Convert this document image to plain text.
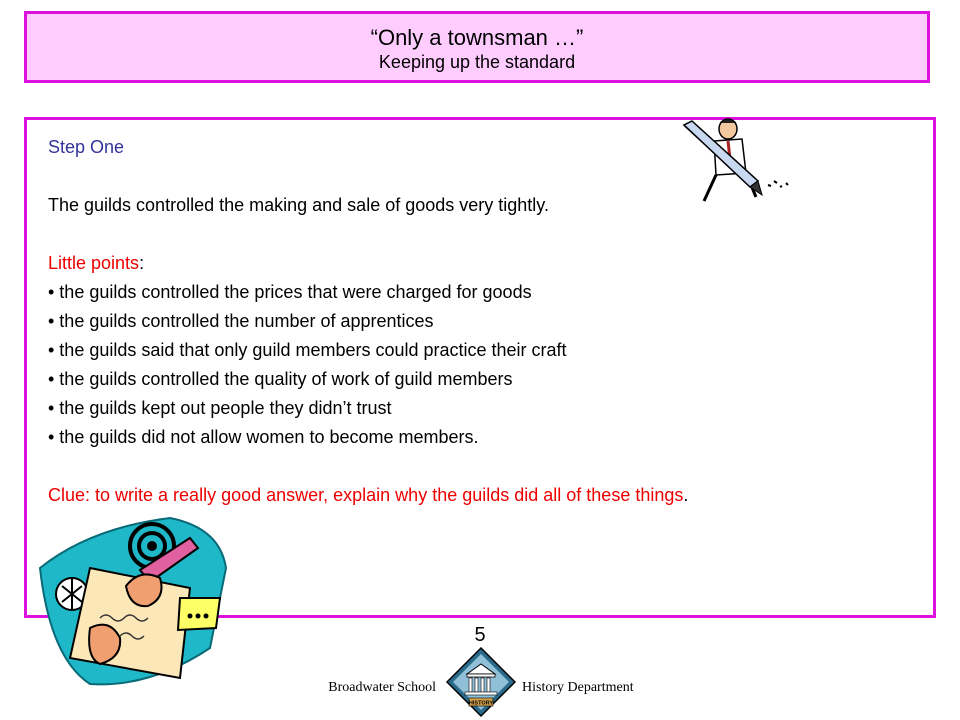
“Only a townsman …”
Keeping up the standard
Step One
The guilds controlled the making and sale of goods very tightly.
Little points:
• the guilds controlled the prices that were charged for goods
• the guilds controlled the number of apprentices
• the guilds said that only guild members could practice their craft
• the guilds controlled the quality of work of guild members
• the guilds kept out people they didn’t trust
• the guilds did not allow women to become members.
Clue: to write a really good answer, explain why the guilds did all of these things.
5
Broadwater School	History Department
HISTORY
